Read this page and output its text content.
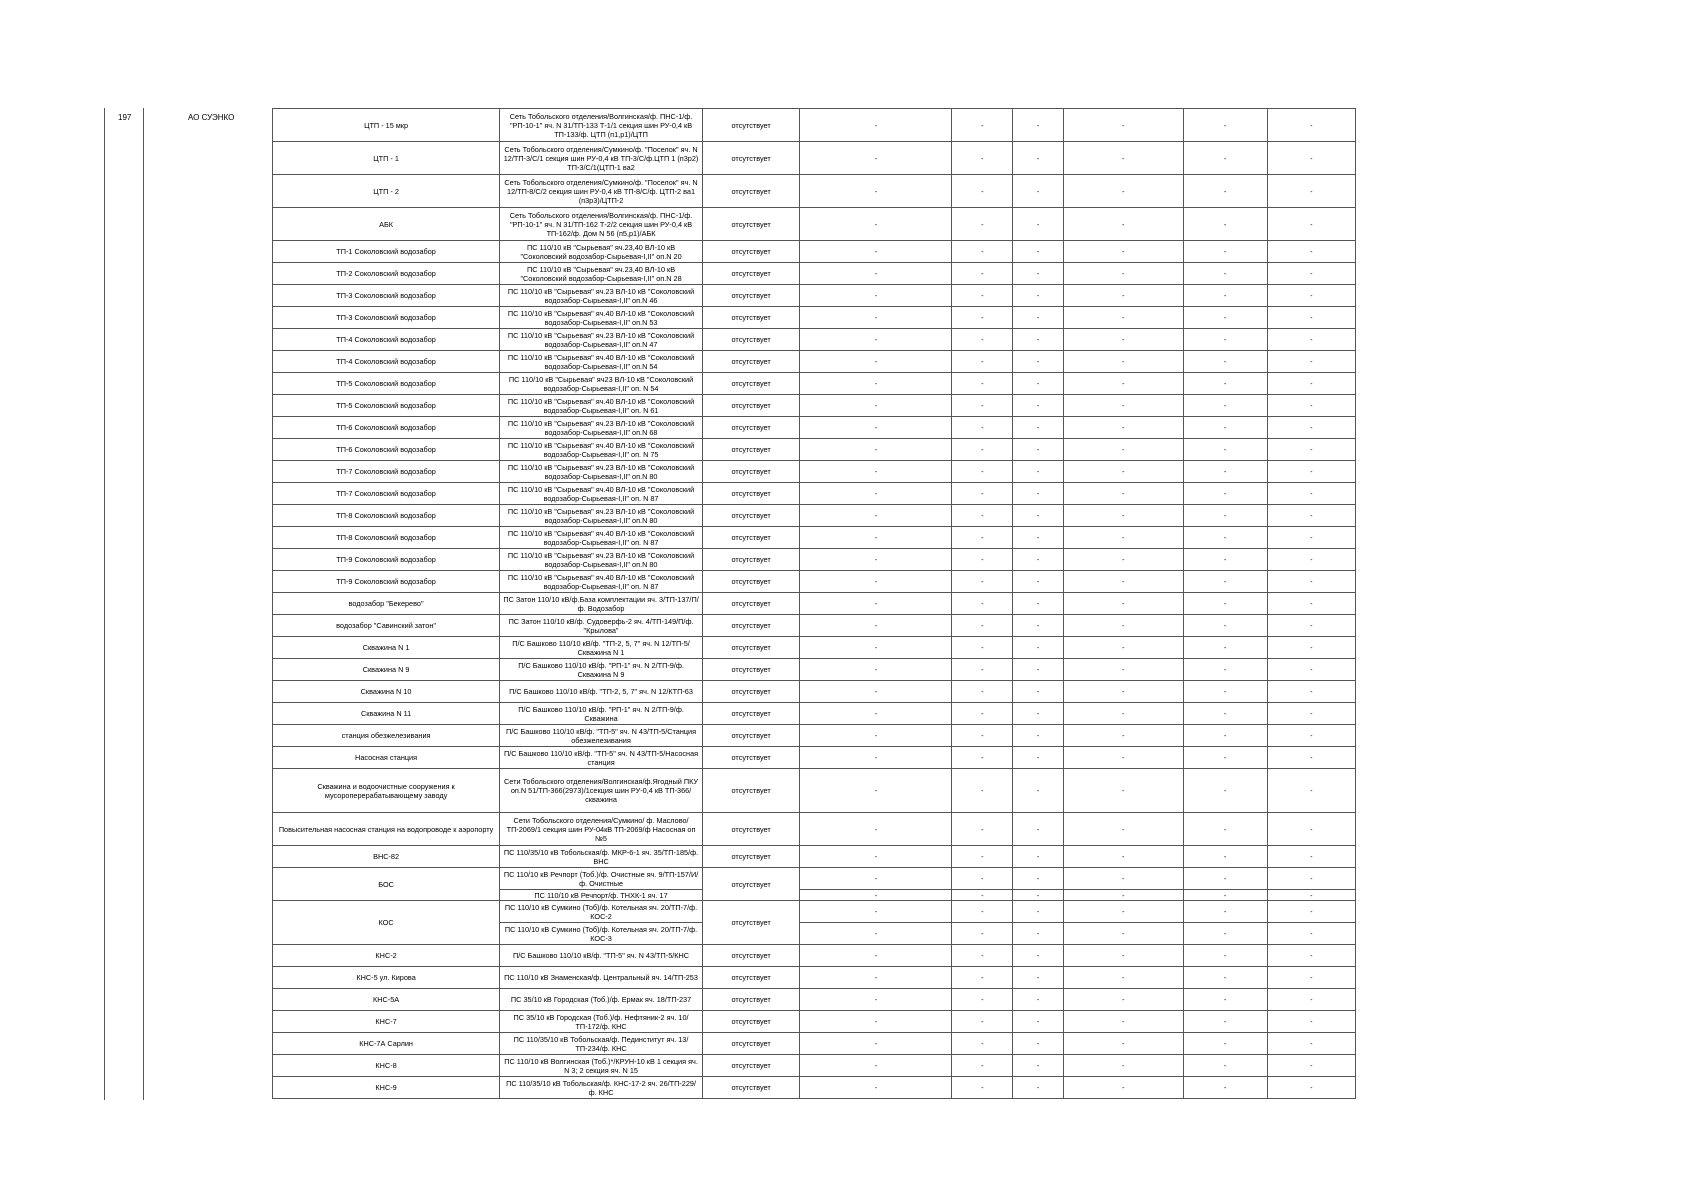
197	АО СУЭНКО
ЦТП - 15 мкр	Сеть Тобольского отделения/Волгинская/ф. ПНС-1/ф. "РП-10-1" яч. N 31/ТП-133 Т-1/1 секция шин РУ-0,4 кВ ТП-133/ф. ЦТП (п1,р1)/ЦТП	отсутствует	-	-	-	-	-	-
ЦТП - 1	Сеть Тобольского отделения/Сумкино/ф. "Поселок" яч. N 12/ТП-3/С/1 секция шин РУ-0,4 кВ ТП-3/С/ф.ЦТП 1 (п3р2) ТП-3/С/1(ЦТП-1 ва2	отсутствует	-	-	-	-	-	-
ЦТП - 2	Сеть Тобольского отделения/Сумкино/ф. "Поселок" яч. N 12/ТП-8/С/2 секция шин РУ-0,4 кВ ТП-8/С/ф. ЦТП-2 ва1 (п3р3)/ЦТП-2	отсутствует	-	-	-	-	-	-
АБК	Сеть Тобольского отделения/Волгинская/ф. ПНС-1/ф. "РП-10-1" яч. N 31/ТП-162 Т-2/2 секция шин РУ-0,4 кВ ТП-162/ф. Дом N 56 (п5,р1)/АБК	отсутствует	-	-	-	-	-	-
ТП-1 Соколовский водозабор	ПС 110/10 кВ "Сырьевая" яч.23,40 ВЛ-10 кВ "Соколовский водозабор-Сырьевая-I,II" оп.N 20	отсутствует	-	-	-	-	-	-
ТП-2 Соколовский водозабор	ПС 110/10 кВ "Сырьевая" яч.23,40 ВЛ-10 кВ "Соколовский водозабор-Сырьевая-I,II" оп.N 28	отсутствует	-	-	-	-	-	-
ТП-3 Соколовский водозабор	ПС 110/10 кВ "Сырьевая" яч.23 ВЛ-10 кВ "Соколовский водозабор-Сырьевая-I,II" оп.N 46	отсутствует	-	-	-	-	-	-
ТП-3 Соколовский водозабор	ПС 110/10 кВ "Сырьевая" яч.40 ВЛ-10 кВ "Соколовский водозабор-Сырьевая-I,II" оп.N 53	отсутствует	-	-	-	-	-	-
ТП-4 Соколовский водозабор	ПС 110/10 кВ "Сырьевая" яч.23 ВЛ-10 кВ "Соколовский водозабор-Сырьевая-I,II" оп.N 47	отсутствует	-	-	-	-	-	-
ТП-4 Соколовский водозабор	ПС 110/10 кВ "Сырьевая" яч.40 ВЛ-10 кВ "Соколовский водозабор-Сырьевая-I,II" оп.N 54	отсутствует	-	-	-	-	-	-
ТП-5 Соколовский водозабор	ПС 110/10 кВ "Сырьевая" яч23 ВЛ-10 кВ "Соколовский водозабор-Сырьевая-I,II" оп. N 54	отсутствует	-	-	-	-	-	-
ТП-5 Соколовский водозабор	ПС 110/10 кВ "Сырьевая" яч.40 ВЛ-10 кВ "Соколовский водозабор-Сырьевая-I,II" оп. N 61	отсутствует	-	-	-	-	-	-
ТП-6 Соколовский водозабор	ПС 110/10 кВ "Сырьевая" яч.23 ВЛ-10 кВ "Соколовский водозабор-Сырьевая-I,II" оп.N 68	отсутствует	-	-	-	-	-	-
ТП-6 Соколовский водозабор	ПС 110/10 кВ "Сырьевая" яч.40 ВЛ-10 кВ "Соколовский водозабор-Сырьевая-I,II" оп. N 75	отсутствует	-	-	-	-	-	-
ТП-7 Соколовский водозабор	ПС 110/10 кВ "Сырьевая" яч.23 ВЛ-10 кВ "Соколовский водозабор-Сырьевая-I,II" оп.N 80	отсутствует	-	-	-	-	-	-
ТП-7 Соколовский водозабор	ПС 110/10 кВ "Сырьевая" яч.40 ВЛ-10 кВ "Соколовский водозабор-Сырьевая-I,II" оп. N 87	отсутствует	-	-	-	-	-	-
ТП-8 Соколовский водозабор	ПС 110/10 кВ "Сырьевая" яч.23 ВЛ-10 кВ "Соколовский водозабор-Сырьевая-I,II" оп.N 80	отсутствует	-	-	-	-	-	-
ТП-8 Соколовский водозабор	ПС 110/10 кВ "Сырьевая" яч.40 ВЛ-10 кВ "Соколовский водозабор-Сырьевая-I,II" оп. N 87	отсутствует	-	-	-	-	-	-
ТП-9 Соколовский водозабор	ПС 110/10 кВ "Сырьевая" яч.23 ВЛ-10 кВ "Соколовский водозабор-Сырьевая-I,II" оп.N 80	отсутствует	-	-	-	-	-	-
ТП-9 Соколовский водозабор	ПС 110/10 кВ "Сырьевая" яч.40 ВЛ-10 кВ "Соколовский водозабор-Сырьевая-I,II" оп. N 87	отсутствует	-	-	-	-	-	-
водозабор "Бекерево"	ПС Затон 110/10 кВ/ф.База комплектации яч. 3/ТП-137/П/ф. Водозабор	отсутствует	-	-	-	-	-	-
водозабор "Савинский затон"	ПС Затон 110/10 кВ/ф. Судоверфь-2 яч. 4/ТП-149/П/ф. "Крылова"	отсутствует	-	-	-	-	-	-
Скважина N 1	П/С Башково 110/10 кВ/ф. "ТП-2, 5, 7" яч. N 12/ТП-5/Скважина N 1	отсутствует	-	-	-	-	-	-
Скважина N 9	П/С Башково 110/10 кВ/ф. "РП-1" яч. N 2/ТП-9/ф. Скважина N 9	отсутствует	-	-	-	-	-	-
Скважина N 10	П/С Башково 110/10 кВ/ф. "ТП-2, 5, 7" яч. N 12/КТП-63	отсутствует	-	-	-	-	-	-
Скважина N 11	П/С Башково 110/10 кВ/ф. "РП-1" яч. N 2/ТП-9/ф. Скважина	отсутствует	-	-	-	-	-	-
станция обезжелезивания	П/С Башково 110/10 кВ/ф. "ТП-5" яч. N 43/ТП-5/Станция обезжелезивания	отсутствует	-	-	-	-	-	-
Насосная станция	П/С Башково 110/10 кВ/ф. "ТП-5" яч. N 43/ТП-5/Насосная станция	отсутствует	-	-	-	-	-	-
Скважина и водоочистные сооружения к мусороперерабатывающему заводу	Сети Тобольского отделения/Волгинская/ф.Ягодный ПКУ оп.N 51/ТП-366(2973)/1секция шин РУ-0,4 кВ ТП-366/скважина	отсутствует	-	-	-	-	-	-
Повысительная насосная станция на водопроводе к аэропорту	Сети Тобольского отделения/Сумкино/ ф. Маслово/ТП-2069/1 секция шин РУ-04кВ ТП-2069/ф Насосная оп №5	отсутствует	-	-	-	-	-	-
ВНС-82	ПС 110/35/10 кВ Тобольская/ф. МКР-6-1 яч. 35/ТП-185/ф. ВНС	отсутствует	-	-	-	-	-	-
БОС	ПС 110/10 кВ Речпорт (Тоб.)/ф. Очистные яч. 9/ТП-157/И/ф. Очистные	отсутствует	-	-	-	-	-	-
	ПС 110/10 кВ Речпорт/ф. ТНХК-1 яч. 17		-	-	-	-	-	-
КОС	ПС 110/10 кВ Сумкино (Тоб)/ф. Котельная яч. 20/ТП-7/ф. КОС-2	отсутствует	-	-	-	-	-	-
	ПС 110/10 кВ Сумкино (Тоб)/ф. Котельная яч. 20/ТП-7/ф. КОС-3		-	-	-	-	-	-
КНС-2	П/С Башково 110/10 кВ/ф. "ТП-5" яч. N 43/ТП-5/КНС	отсутствует	-	-	-	-	-	-
КНС-5 ул. Кирова	ПС 110/10 кВ Знаменская/ф. Центральный яч. 14/ТП-253	отсутствует	-	-	-	-	-	-
КНС-5А	ПС 35/10 кВ Городская (Тоб.)/ф. Ермак яч. 18/ТП-237	отсутствует	-	-	-	-	-	-
КНС-7	ПС 35/10 кВ Городская (Тоб.)/ф. Нефтяник-2 яч. 10/ТП-172/ф. КНС	отсутствует	-	-	-	-	-	-
КНС-7А Сарлин	ПС 110/35/10 кВ Тобольская/ф. Пединститут яч. 13/ТП-234/ф. КНС	отсутствует	-	-	-	-	-	-
КНС-8	ПС 110/10 кВ Волгинская (Тоб.)*/КРУН-10 кВ 1 секция яч. N 3; 2 секция яч. N 15	отсутствует	-	-	-	-	-	-
КНС-9	ПС 110/35/10 кВ Тобольская/ф. КНС-17-2 яч. 26/ТП-229/ф. КНС	отсутствует	-	-	-	-	-	-
